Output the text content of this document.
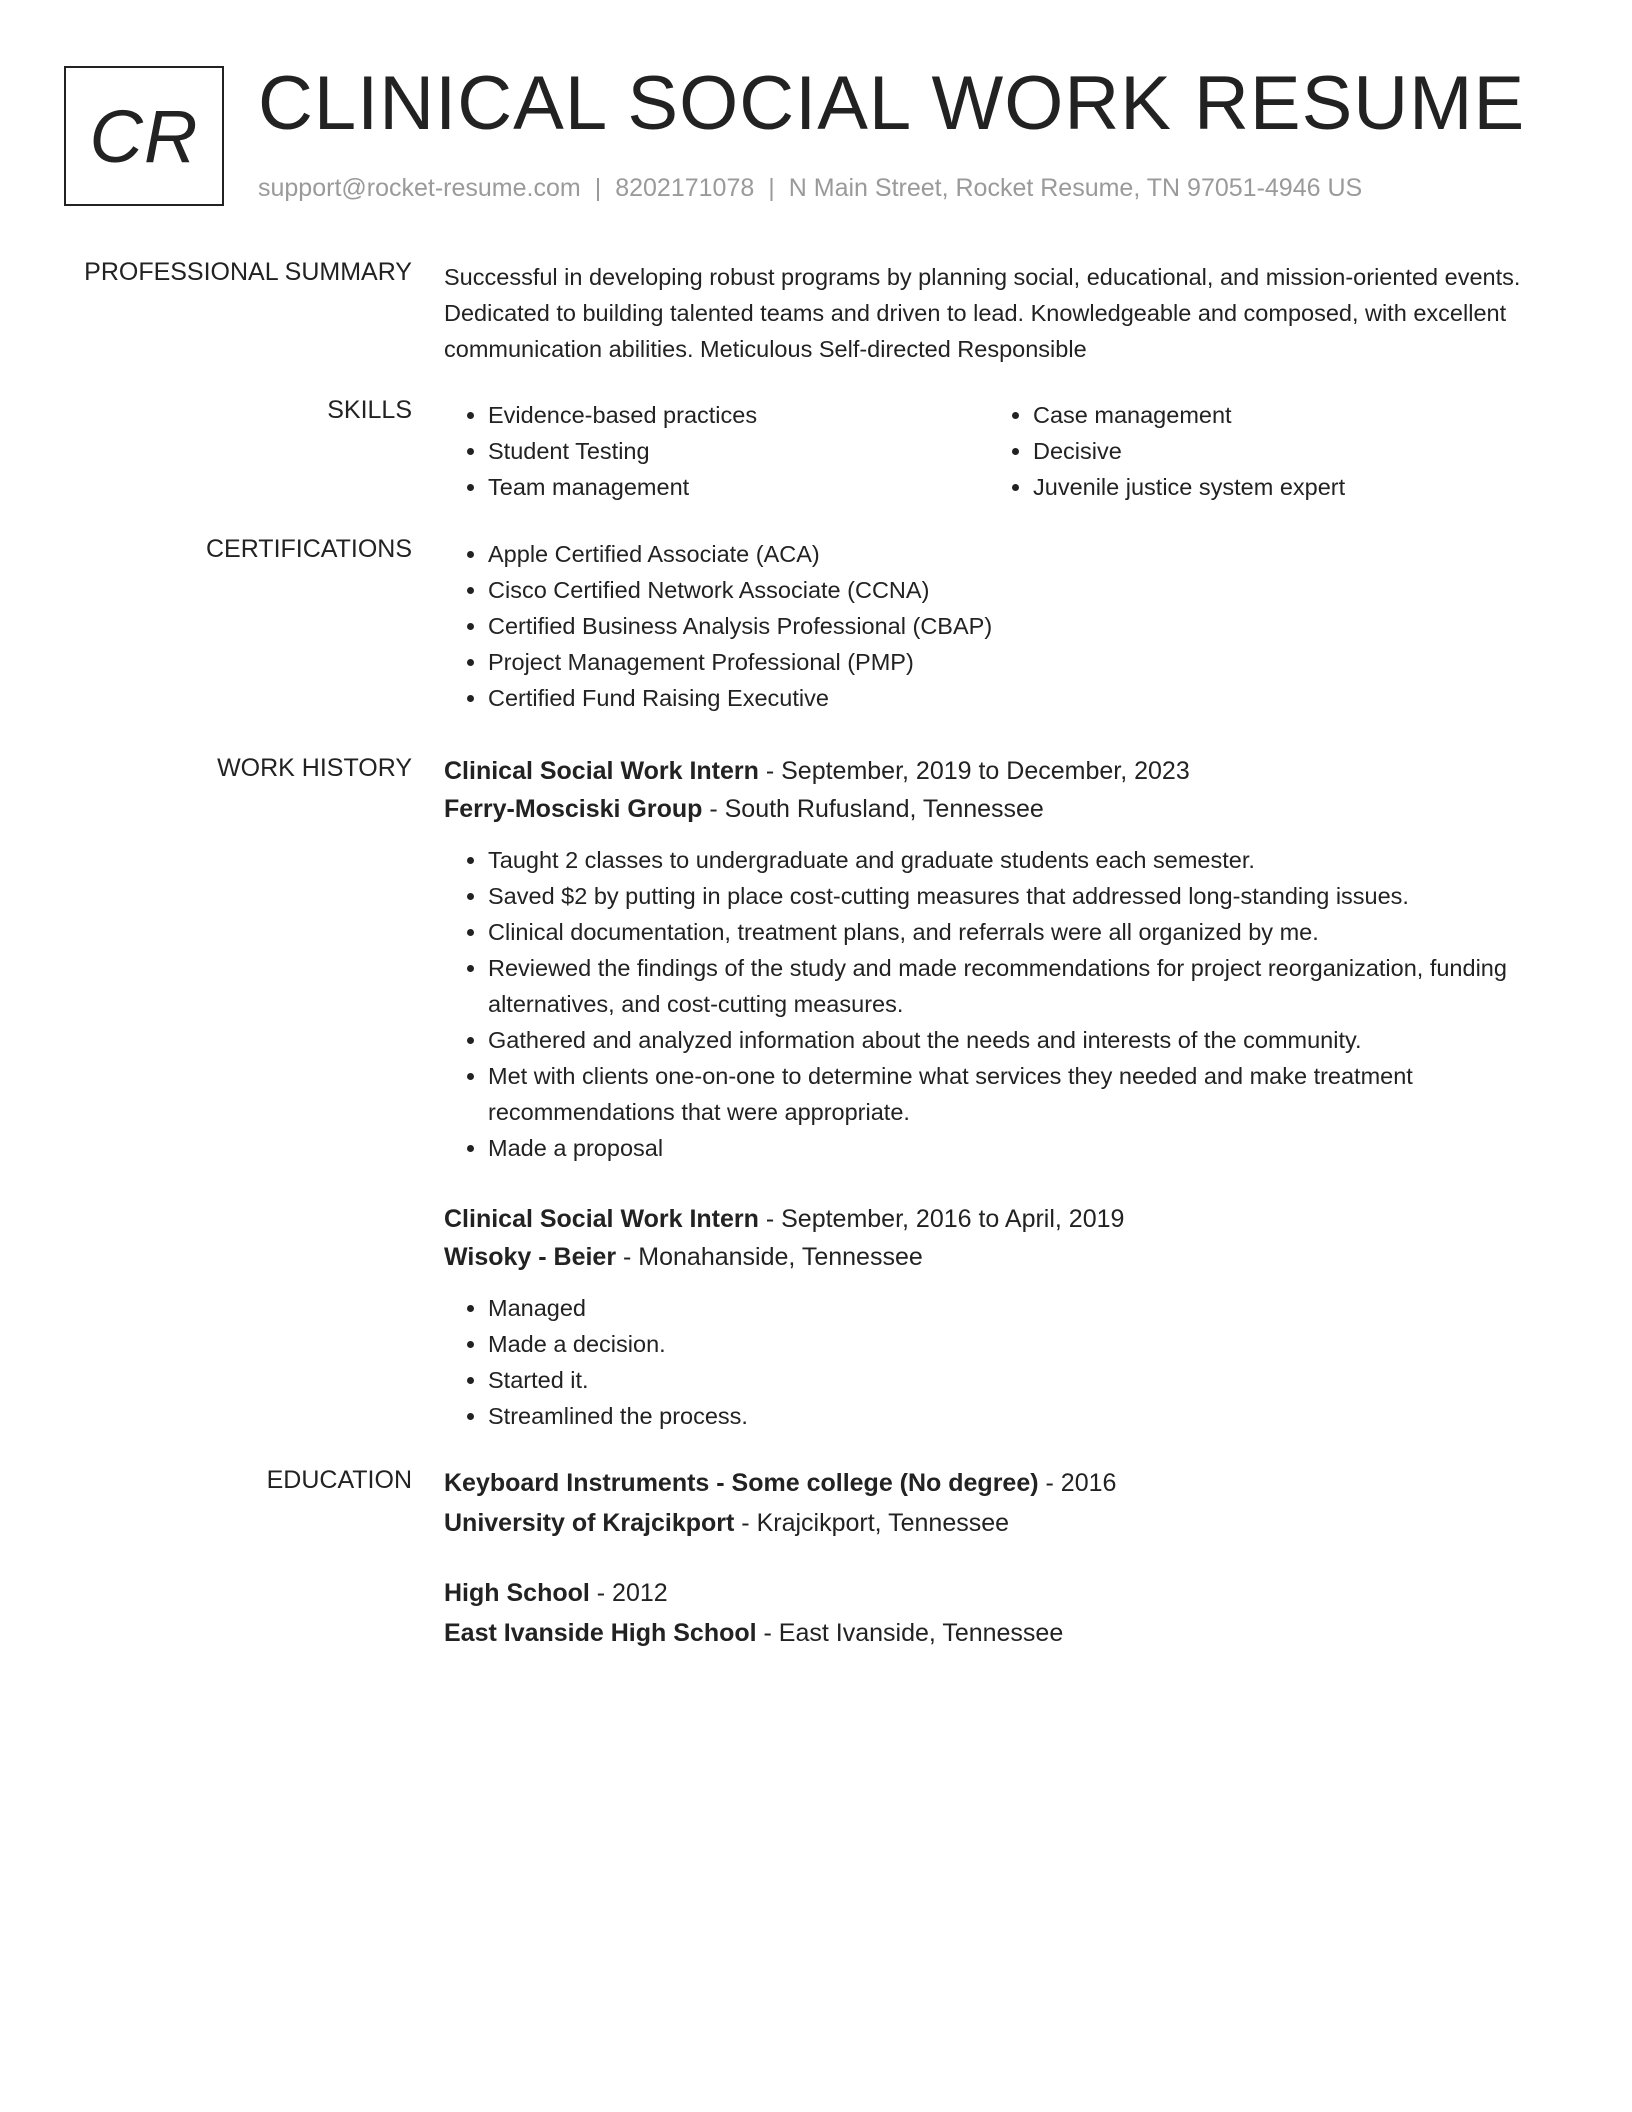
CR CLINICAL SOCIAL WORK RESUME
support@rocket-resume.com | 8202171078 | N Main Street, Rocket Resume, TN 97051-4946 US
PROFESSIONAL SUMMARY Successful in developing robust programs by planning social, educational, and mission-oriented events. Dedicated to building talented teams and driven to lead. Knowledgeable and composed, with excellent communication abilities. Meticulous Self-directed Responsible
SKILLS	• Evidence-based practices
• Student Testing
• Team management
• Case management
• Decisive
• Juvenile justice system expert
CERTIFICATIONS	• Apple Certified Associate (ACA)
• Cisco Certified Network Associate (CCNA)
• Certified Business Analysis Professional (CBAP)
• Project Management Professional (PMP)
• Certified Fund Raising Executive
WORK HISTORY Clinical Social Work Intern - September, 2019 to December, 2023
Ferry-Mosciski Group - South Rufusland, Tennessee
• Taught 2 classes to undergraduate and graduate students each semester.
• Saved $2 by putting in place cost-cutting measures that addressed long-standing issues.
• Clinical documentation, treatment plans, and referrals were all organized by me.
• Reviewed the findings of the study and made recommendations for project reorganization, funding alternatives, and cost-cutting measures.
• Gathered and analyzed information about the needs and interests of the community.
• Met with clients one-on-one to determine what services they needed and make treatment recommendations that were appropriate.
• Made a proposal
Clinical Social Work Intern - September, 2016 to April, 2019
Wisoky - Beier - Monahanside, Tennessee
• Managed
• Made a decision.
• Started it.
• Streamlined the process.
EDUCATION Keyboard Instruments - Some college (No degree) - 2016
University of Krajcikport - Krajcikport, Tennessee
High School - 2012
East Ivanside High School - East Ivanside, Tennessee
